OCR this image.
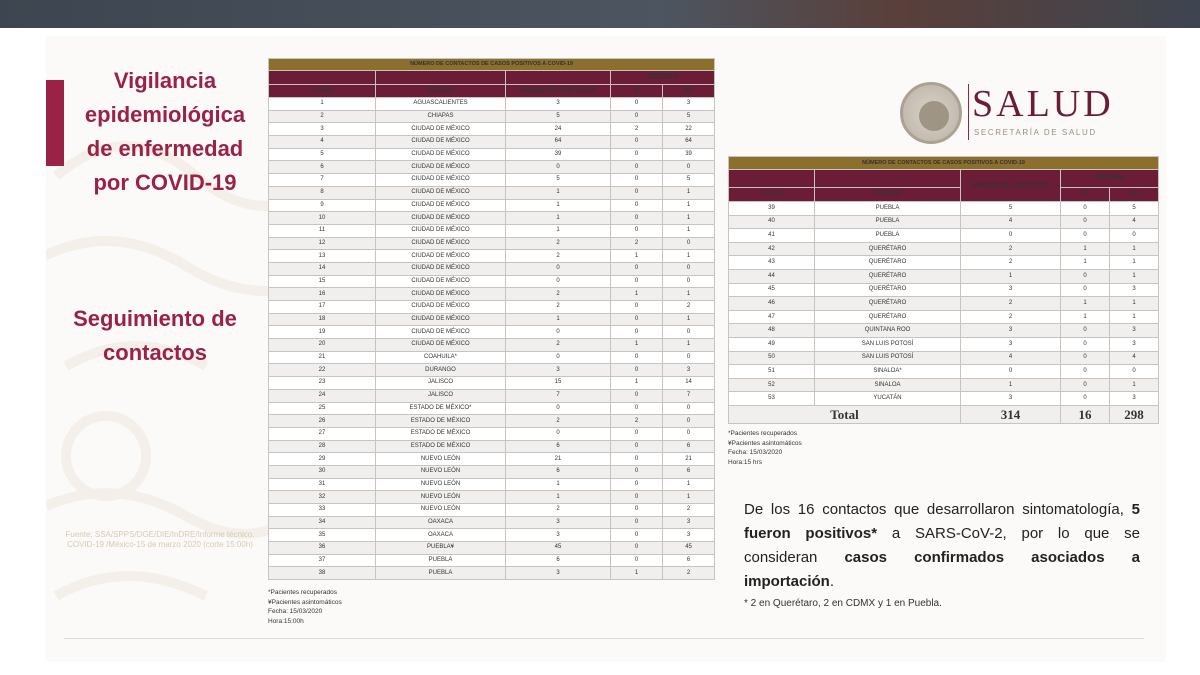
Vigilancia epidemiológica de enfermedad por COVID-19
Seguimiento de contactos
Fuente: SSA/SPPS/DGE/DIE/InDRE/Informe técnico. COVID-19 /México-15 de marzo 2020 (corte 15:00h)
NÚMERO DE CONTACTOS DE CASOS POSITIVOS A COVID-19				
			SÍNTOMAS	
# CASO	ENTIDAD	NÚMERO DE CONTACTOS	SÍ	NO
1	AGUASCALIENTES	3	0	3
2	CHIAPAS	5	0	5
3	CIUDAD DE MÉXICO	24	2	22
4	CIUDAD DE MÉXICO	64	0	64
5	CIUDAD DE MÉXICO	39	0	39
6	CIUDAD DE MÉXICO	0	0	0
7	CIUDAD DE MÉXICO	5	0	5
8	CIUDAD DE MÉXICO	1	0	1
9	CIUDAD DE MÉXICO	1	0	1
10	CIUDAD DE MÉXICO	1	0	1
11	CIUDAD DE MÉXICO	1	0	1
12	CIUDAD DE MÉXICO	2	2	0
13	CIUDAD DE MÉXICO	2	1	1
14	CIUDAD DE MÉXICO	0	0	0
15	CIUDAD DE MÉXICO	0	0	0
16	CIUDAD DE MÉXICO	2	1	1
17	CIUDAD DE MÉXICO	2	0	2
18	CIUDAD DE MÉXICO	1	0	1
19	CIUDAD DE MÉXICO	0	0	0
20	CIUDAD DE MÉXICO	2	1	1
21	COAHUILA*	0	0	0
22	DURANGO	3	0	3
23	JALISCO	15	1	14
24	JALISCO	7	0	7
25	ESTADO DE MÉXICO*	0	0	0
26	ESTADO DE MÉXICO	2	2	0
27	ESTADO DE MÉXICO	0	0	0
28	ESTADO DE MÉXICO	6	0	6
29	NUEVO LEÓN	21	0	21
30	NUEVO LEÓN	6	0	6
31	NUEVO LEÓN	1	0	1
32	NUEVO LEÓN	1	0	1
33	NUEVO LEÓN	2	0	2
34	OAXACA	3	0	3
35	OAXACA	3	0	3
36	PUEBLA¥	45	0	45
37	PUEBLA	6	0	6
38	PUEBLA	3	1	2
*Pacientes recuperados
¥Pacientes asintomáticos
Fecha: 15/03/2020
Hora:15:00h
SALUD
SECRETARÍA DE SALUD
NÚMERO DE CONTACTOS DE CASOS POSITIVOS A COVID-19				
		NÚMERO DE CONTACTOS	SÍNTOMAS	
# CASO	ENTIDAD		SÍ	NO
39	PUEBLA	5	0	5
40	PUEBLA	4	0	4
41	PUEBLA	0	0	0
42	QUERÉTARO	2	1	1
43	QUERÉTARO	2	1	1
44	QUERÉTARO	1	0	1
45	QUERÉTARO	3	0	3
46	QUERÉTARO	2	1	1
47	QUERÉTARO	2	1	1
48	QUINTANA ROO	3	0	3
49	SAN LUIS POTOSÍ	3	0	3
50	SAN LUIS POTOSÍ	4	0	4
51	SINALOA*	0	0	0
52	SINALOA	1	0	1
53	YUCATÁN	3	0	3
Total		314	16	298
*Pacientes recuperados
¥Pacientes asintomáticos
Fecha: 15/03/2020
Hora:15 hrs
De los 16 contactos que desarrollaron sintomatología, 5 fueron positivos* a SARS-CoV-2, por lo que se consideran casos confirmados asociados a importación.
* 2 en Querétaro, 2 en CDMX y 1 en Puebla.
